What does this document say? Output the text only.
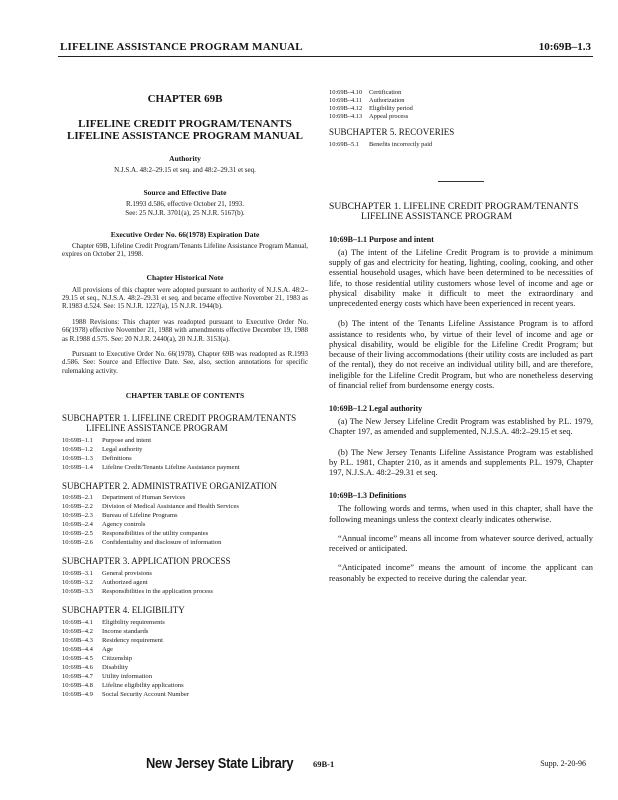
LIFELINE ASSISTANCE PROGRAM MANUAL	10:69B–1.3
CHAPTER 69B
LIFELINE CREDIT PROGRAM/TENANTS LIFELINE ASSISTANCE PROGRAM MANUAL
Authority
N.J.S.A. 48:2–29.15 et seq. and 48:2–29.31 et seq.
Source and Effective Date
R.1993 d.586, effective October 21, 1993.
See: 25 N.J.R. 3701(a), 25 N.J.R. 5167(b).
Executive Order No. 66(1978) Expiration Date

Chapter 69B, Lifeline Credit Program/Tenants Lifeline Assistance Program Manual, expires on October 21, 1998.

Chapter Historical Note

All provisions of this chapter were adopted pursuant to authority of N.J.S.A. 48:2–29.15 et seq., N.J.S.A. 48:2–29.31 et seq. and became effective November 21, 1983 as R.1983 d.524. See: 15 N.J.R. 1227(a), 15 N.J.R. 1944(b).

1988 Revisions: This chapter was readopted pursuant to Executive Order No. 66(1978) effective November 21, 1988 with amendments effective December 19, 1988 as R.1988 d.575. See: 20 N.J.R. 2440(a), 20 N.J.R. 3153(a).

Pursuant to Executive Order No. 66(1978), Chapter 69B was readopted as R.1993 d.586. See: Source and Effective Date. See, also, section annotations for specific rulemaking activity.

CHAPTER TABLE OF CONTENTS
SUBCHAPTER 1. LIFELINE CREDIT PROGRAM/TENANTS LIFELINE ASSISTANCE PROGRAM
10:69B–1.1	Purpose and intent
10:69B–1.2	Legal authority
10:69B–1.3	Definitions
10:69B–1.4	Lifeline Credit/Tenants Lifeline Assistance payment
SUBCHAPTER 2. ADMINISTRATIVE ORGANIZATION
10:69B–2.1	Department of Human Services
10:69B–2.2	Division of Medical Assistance and Health Services
10:69B–2.3	Bureau of Lifeline Programs
10:69B–2.4	Agency controls
10:69B–2.5	Responsibilities of the utility companies
10:69B–2.6	Confidentiality and disclosure of information
SUBCHAPTER 3. APPLICATION PROCESS
10:69B–3.1	General provisions
10:69B–3.2	Authorized agent
10:69B–3.3	Responsibilities in the application process
SUBCHAPTER 4. ELIGIBILITY
10:69B–4.1	Eligibility requirements
10:69B–4.2	Income standards
10:69B–4.3	Residency requirement
10:69B–4.4	Age
10:69B–4.5	Citizenship
10:69B–4.6	Disability
10:69B–4.7	Utility information
10:69B–4.8	Lifeline eligibility applications
10:69B–4.9	Social Security Account Number
10:69B–4.10	Certification
10:69B–4.11	Authorization
10:69B–4.12	Eligibility period
10:69B–4.13	Appeal process
SUBCHAPTER 5. RECOVERIES
10:69B–5.1	Benefits incorrectly paid
SUBCHAPTER 1. LIFELINE CREDIT PROGRAM/TENANTS LIFELINE ASSISTANCE PROGRAM
10:69B–1.1 Purpose and intent

(a) The intent of the Lifeline Credit Program is to provide a minimum supply of gas and electricity for heating, lighting, cooling, cooking, and other essential household usages, which have been determined to be necessities of life, to those residential utility customers whose level of income and age or physical disability make it difficult to meet the extraordinary and unprecedented energy costs which have been experienced in recent years.

(b) The intent of the Tenants Lifeline Assistance Program is to afford assistance to residents who, by virtue of their level of income and age or physical disability, would be eligible for the Lifeline Credit Program; but because of their living accommodations (their utility costs are included as part of the rental), they do not receive an individual utility bill, and are therefore, ineligible for the Lifeline Credit Program, but who are nonetheless deserving of financial relief from burdensome energy costs.

10:69B–1.2 Legal authority

(a) The New Jersey Lifeline Credit Program was established by P.L. 1979, Chapter 197, as amended and supplemented, N.J.S.A. 48:2–29.15 et seq.

(b) The New Jersey Tenants Lifeline Assistance Program was established by P.L. 1981, Chapter 210, as it amends and supplements P.L. 1979, Chapter 197, N.J.S.A. 48:2–29.31 et seq.

10:69B–1.3 Definitions

The following words and terms, when used in this chapter, shall have the following meanings unless the context clearly indicates otherwise.

“Annual income” means all income from whatever source derived, actually received or anticipated.

“Anticipated income” means the amount of income the applicant can reasonably be expected to receive during the calendar year.

New Jersey State Library 69B-1	Supp. 2-20-96
